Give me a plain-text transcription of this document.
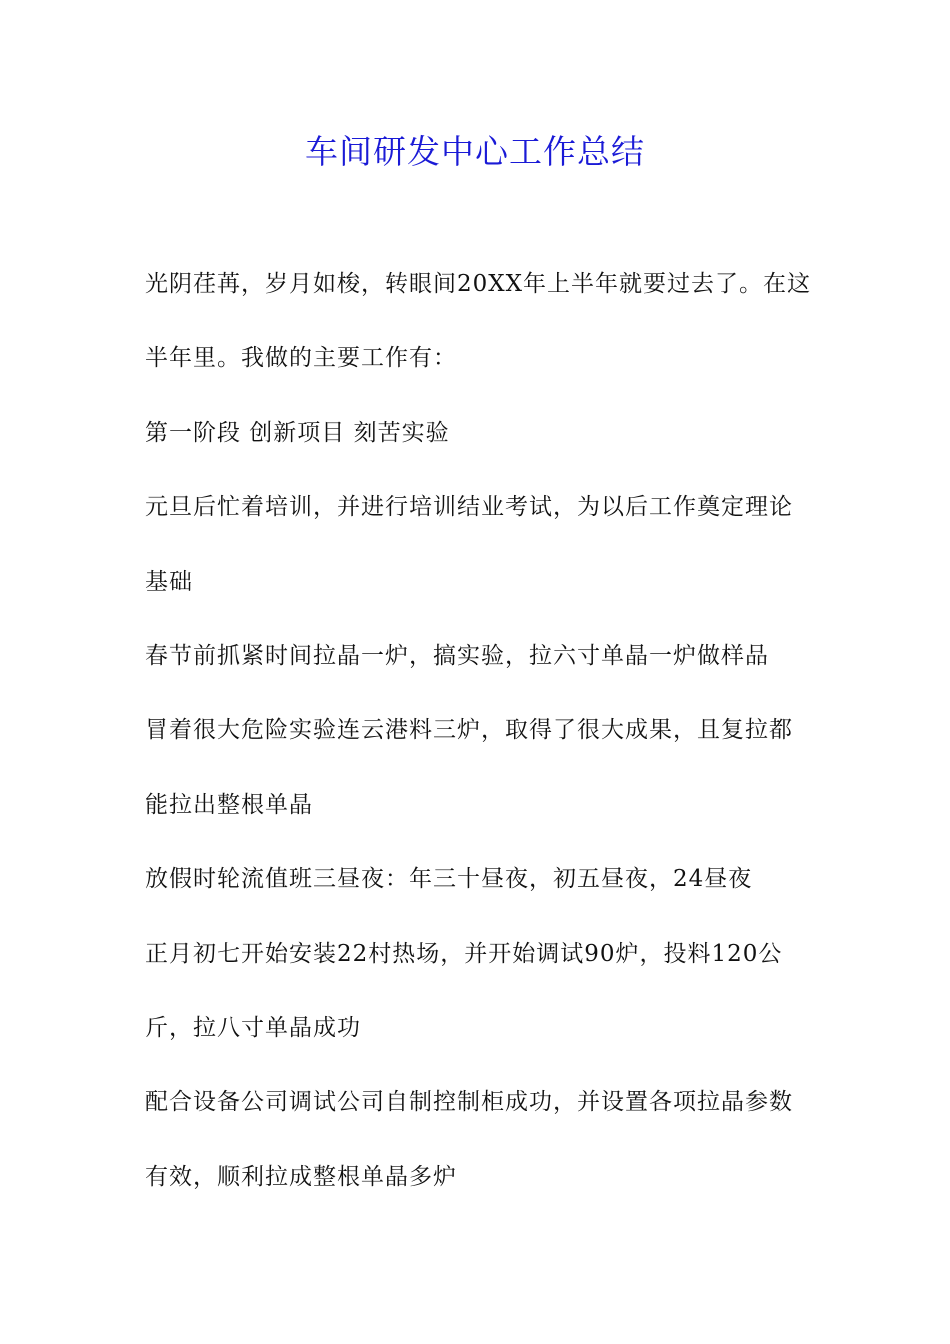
车间研发中心工作总结
光阴荏苒，岁月如梭，转眼间20XX年上半年就要过去了。在这
半年里。我做的主要工作有：
第一阶段 创新项目 刻苦实验
元旦后忙着培训，并进行培训结业考试，为以后工作奠定理论
基础
春节前抓紧时间拉晶一炉，搞实验，拉六寸单晶一炉做样品
冒着很大危险实验连云港料三炉，取得了很大成果，且复拉都
能拉出整根单晶
放假时轮流值班三昼夜：年三十昼夜，初五昼夜，24昼夜
正月初七开始安装22村热场，并开始调试90炉，投料120公
斤，拉八寸单晶成功
配合设备公司调试公司自制控制柜成功，并设置各项拉晶参数
有效，顺利拉成整根单晶多炉
